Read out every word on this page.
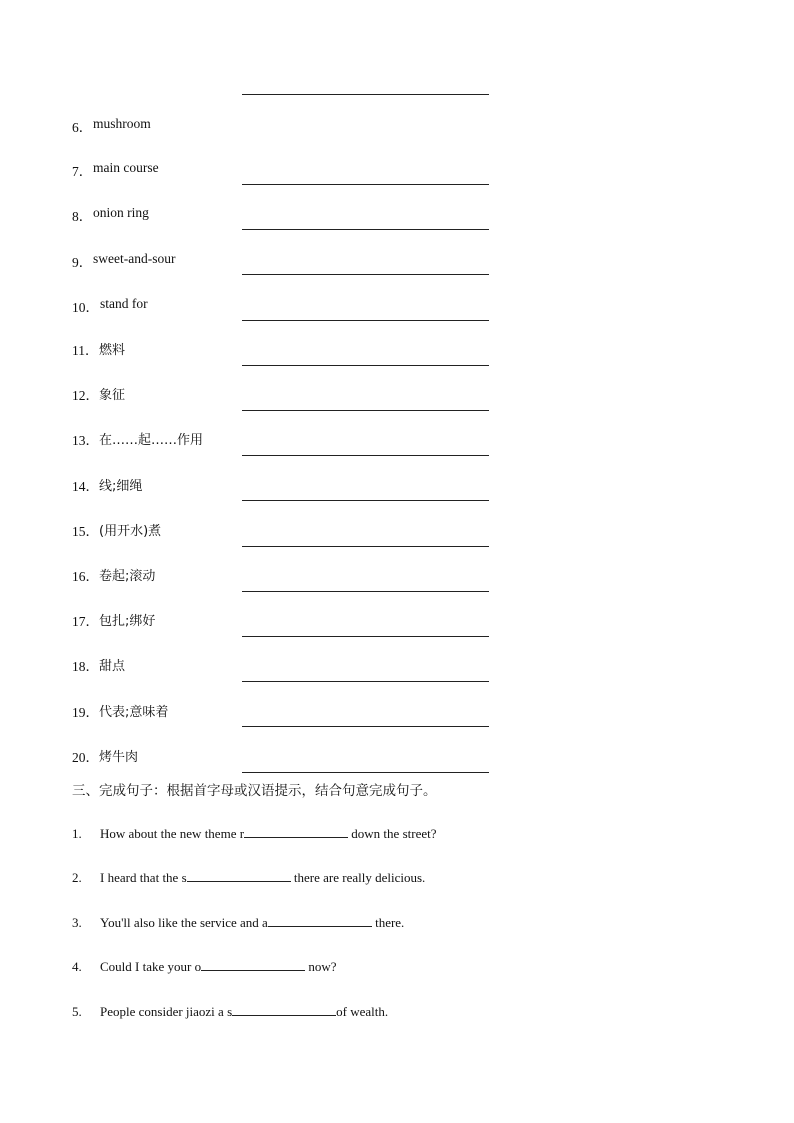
6． mushroom
7． main course
8． onion ring
9． sweet-and-sour
10． stand for
11． 燃料
12． 象征
13． 在……起……作用
14． 线;细绳
15． (用开水)煮
16． 卷起;滚动
17． 包扎;绑好
18． 甜点
19． 代表;意味着
20． 烤牛肉
三、完成句子：根据首字母或汉语提示，结合句意完成句子。
1. How about the new theme r	down the street?
2. I heard that the s	there are really delicious.
3. You'll also like the service and a	there.
4. Could I take your o	now?
5. People consider jiaozi a s	of wealth.
